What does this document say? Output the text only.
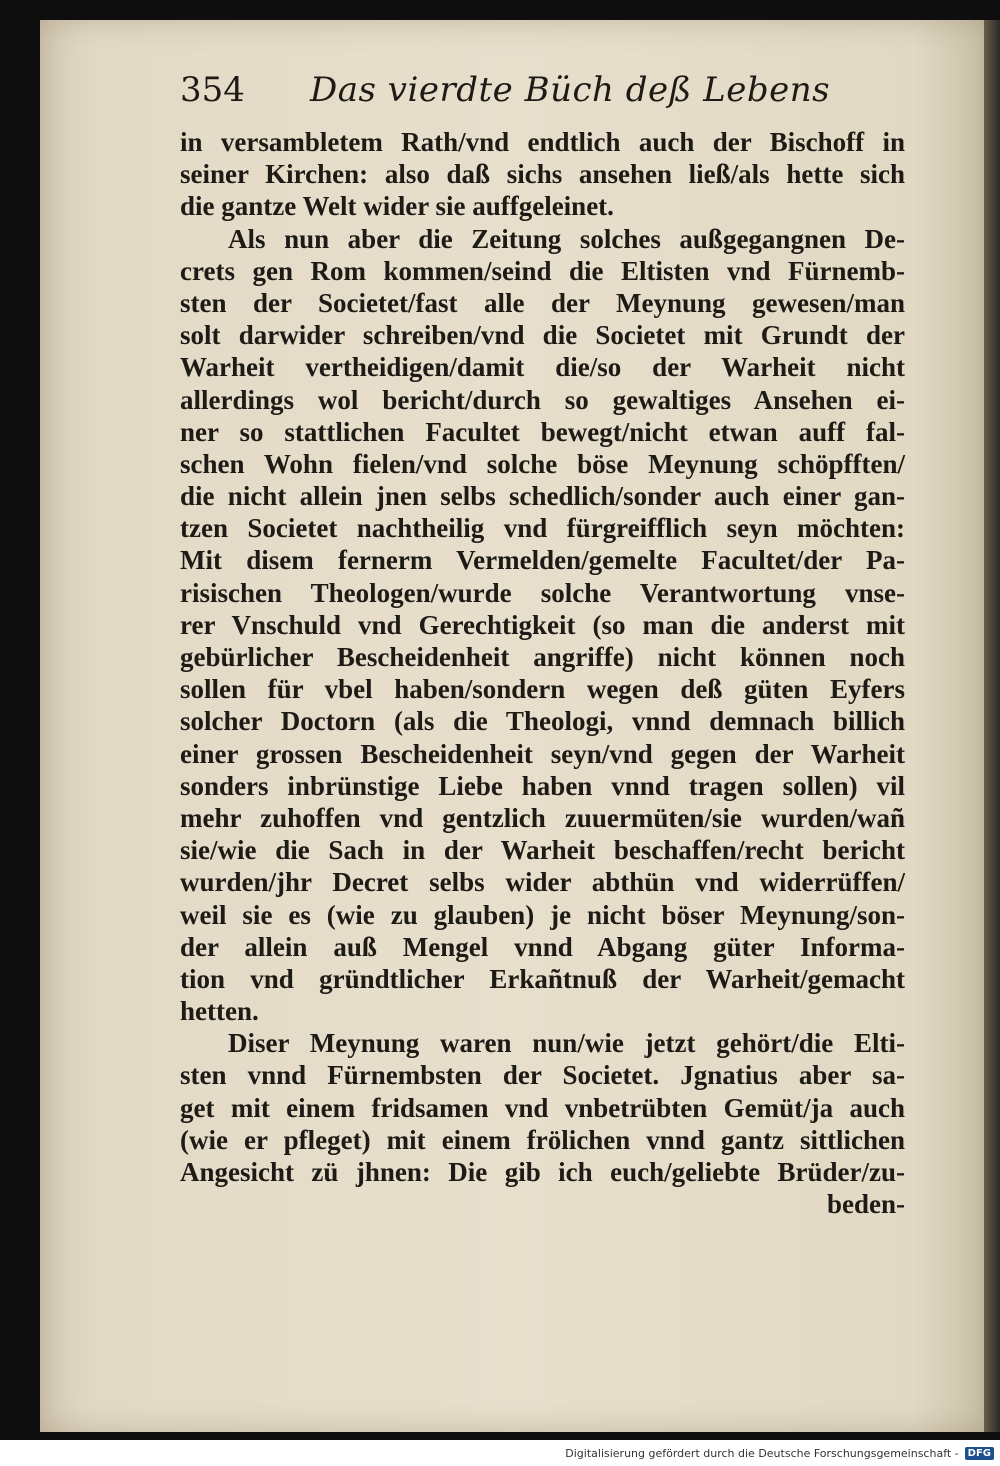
354	Das vierdte Büch deß Lebens
in versambletem Rath/vnd endtlich auch der Bischoff in
seiner Kirchen: also daß sichs ansehen ließ/als hette sich
die gantze Welt wider sie auffgeleinet.
Als nun aber die Zeitung solches außgegangnen De-
crets gen Rom kommen/seind die Eltisten vnd Fürnemb-
sten der Societet/fast alle der Meynung gewesen/man
solt darwider schreiben/vnd die Societet mit Grundt der
Warheit vertheidigen/damit die/so der Warheit nicht
allerdings wol bericht/durch so gewaltiges Ansehen ei-
ner so stattlichen Facultet bewegt/nicht etwan auff fal-
schen Wohn fielen/vnd solche böse Meynung schöpfften/
die nicht allein jnen selbs schedlich/sonder auch einer gan-
tzen Societet nachtheilig vnd fürgreifflich seyn möchten:
Mit disem fernerm Vermelden/gemelte Facultet/der Pa-
risischen Theologen/wurde solche Verantwortung vnse-
rer Vnschuld vnd Gerechtigkeit (so man die anderst mit
gebürlicher Bescheidenheit angriffe) nicht können noch
sollen für vbel haben/sondern wegen deß güten Eyfers
solcher Doctorn (als die Theologi, vnnd demnach billich
einer grossen Bescheidenheit seyn/vnd gegen der Warheit
sonders inbrünstige Liebe haben vnnd tragen sollen) vil
mehr zuhoffen vnd gentzlich zuuermüten/sie wurden/wañ
sie/wie die Sach in der Warheit beschaffen/recht bericht
wurden/jhr Decret selbs wider abthün vnd widerrüffen/
weil sie es (wie zu glauben) je nicht böser Meynung/son-
der allein auß Mengel vnnd Abgang güter Informa-
tion vnd gründtlicher Erkañtnuß der Warheit/gemacht
hetten.
Diser Meynung waren nun/wie jetzt gehört/die Elti-
sten vnnd Fürnembsten der Societet. Jgnatius aber sa-
get mit einem fridsamen vnd vnbetrübten Gemüt/ja auch
(wie er pfleget) mit einem frölichen vnnd gantz sittlichen
Angesicht zü jhnen: Die gib ich euch/geliebte Brüder/zu-
beden-
Digitalisierung gefördert durch die Deutsche Forschungsgemeinschaft - DFG
